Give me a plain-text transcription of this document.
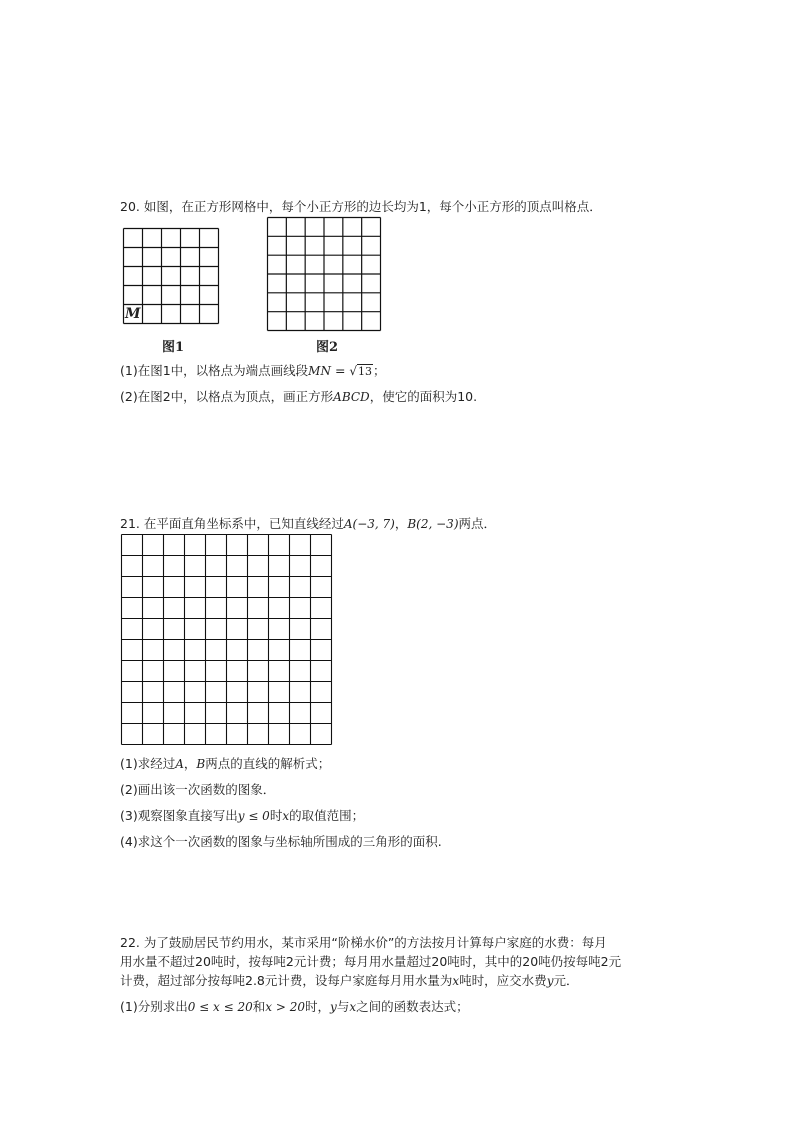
20. 如图，在正方形网格中，每个小正方形的边长均为1，每个小正方形的顶点叫格点．
M
图1	图2
(1)在图1中，以格点为端点画线段MN = √13；
(2)在图2中，以格点为顶点，画正方形ABCD，使它的面积为10.
21. 在平面直角坐标系中，已知直线经过A(−3, 7)，B(2, −3)两点．
(1)求经过A，B两点的直线的解析式；
(2)画出该一次函数的图象．
(3)观察图象直接写出y ≤ 0时x的取值范围；
(4)求这个一次函数的图象与坐标轴所围成的三角形的面积.
22. 为了鼓励居民节约用水，某市采用“阶梯水价”的方法按月计算每户家庭的水费：每月
用水量不超过20吨时，按每吨2元计费；每月用水量超过20吨时，其中的20吨仍按每吨2元
计费，超过部分按每吨2.8元计费，设每户家庭每月用水量为x吨时，应交水费y元．
(1)分别求出0 ≤ x ≤ 20和x > 20时，y与x之间的函数表达式；
